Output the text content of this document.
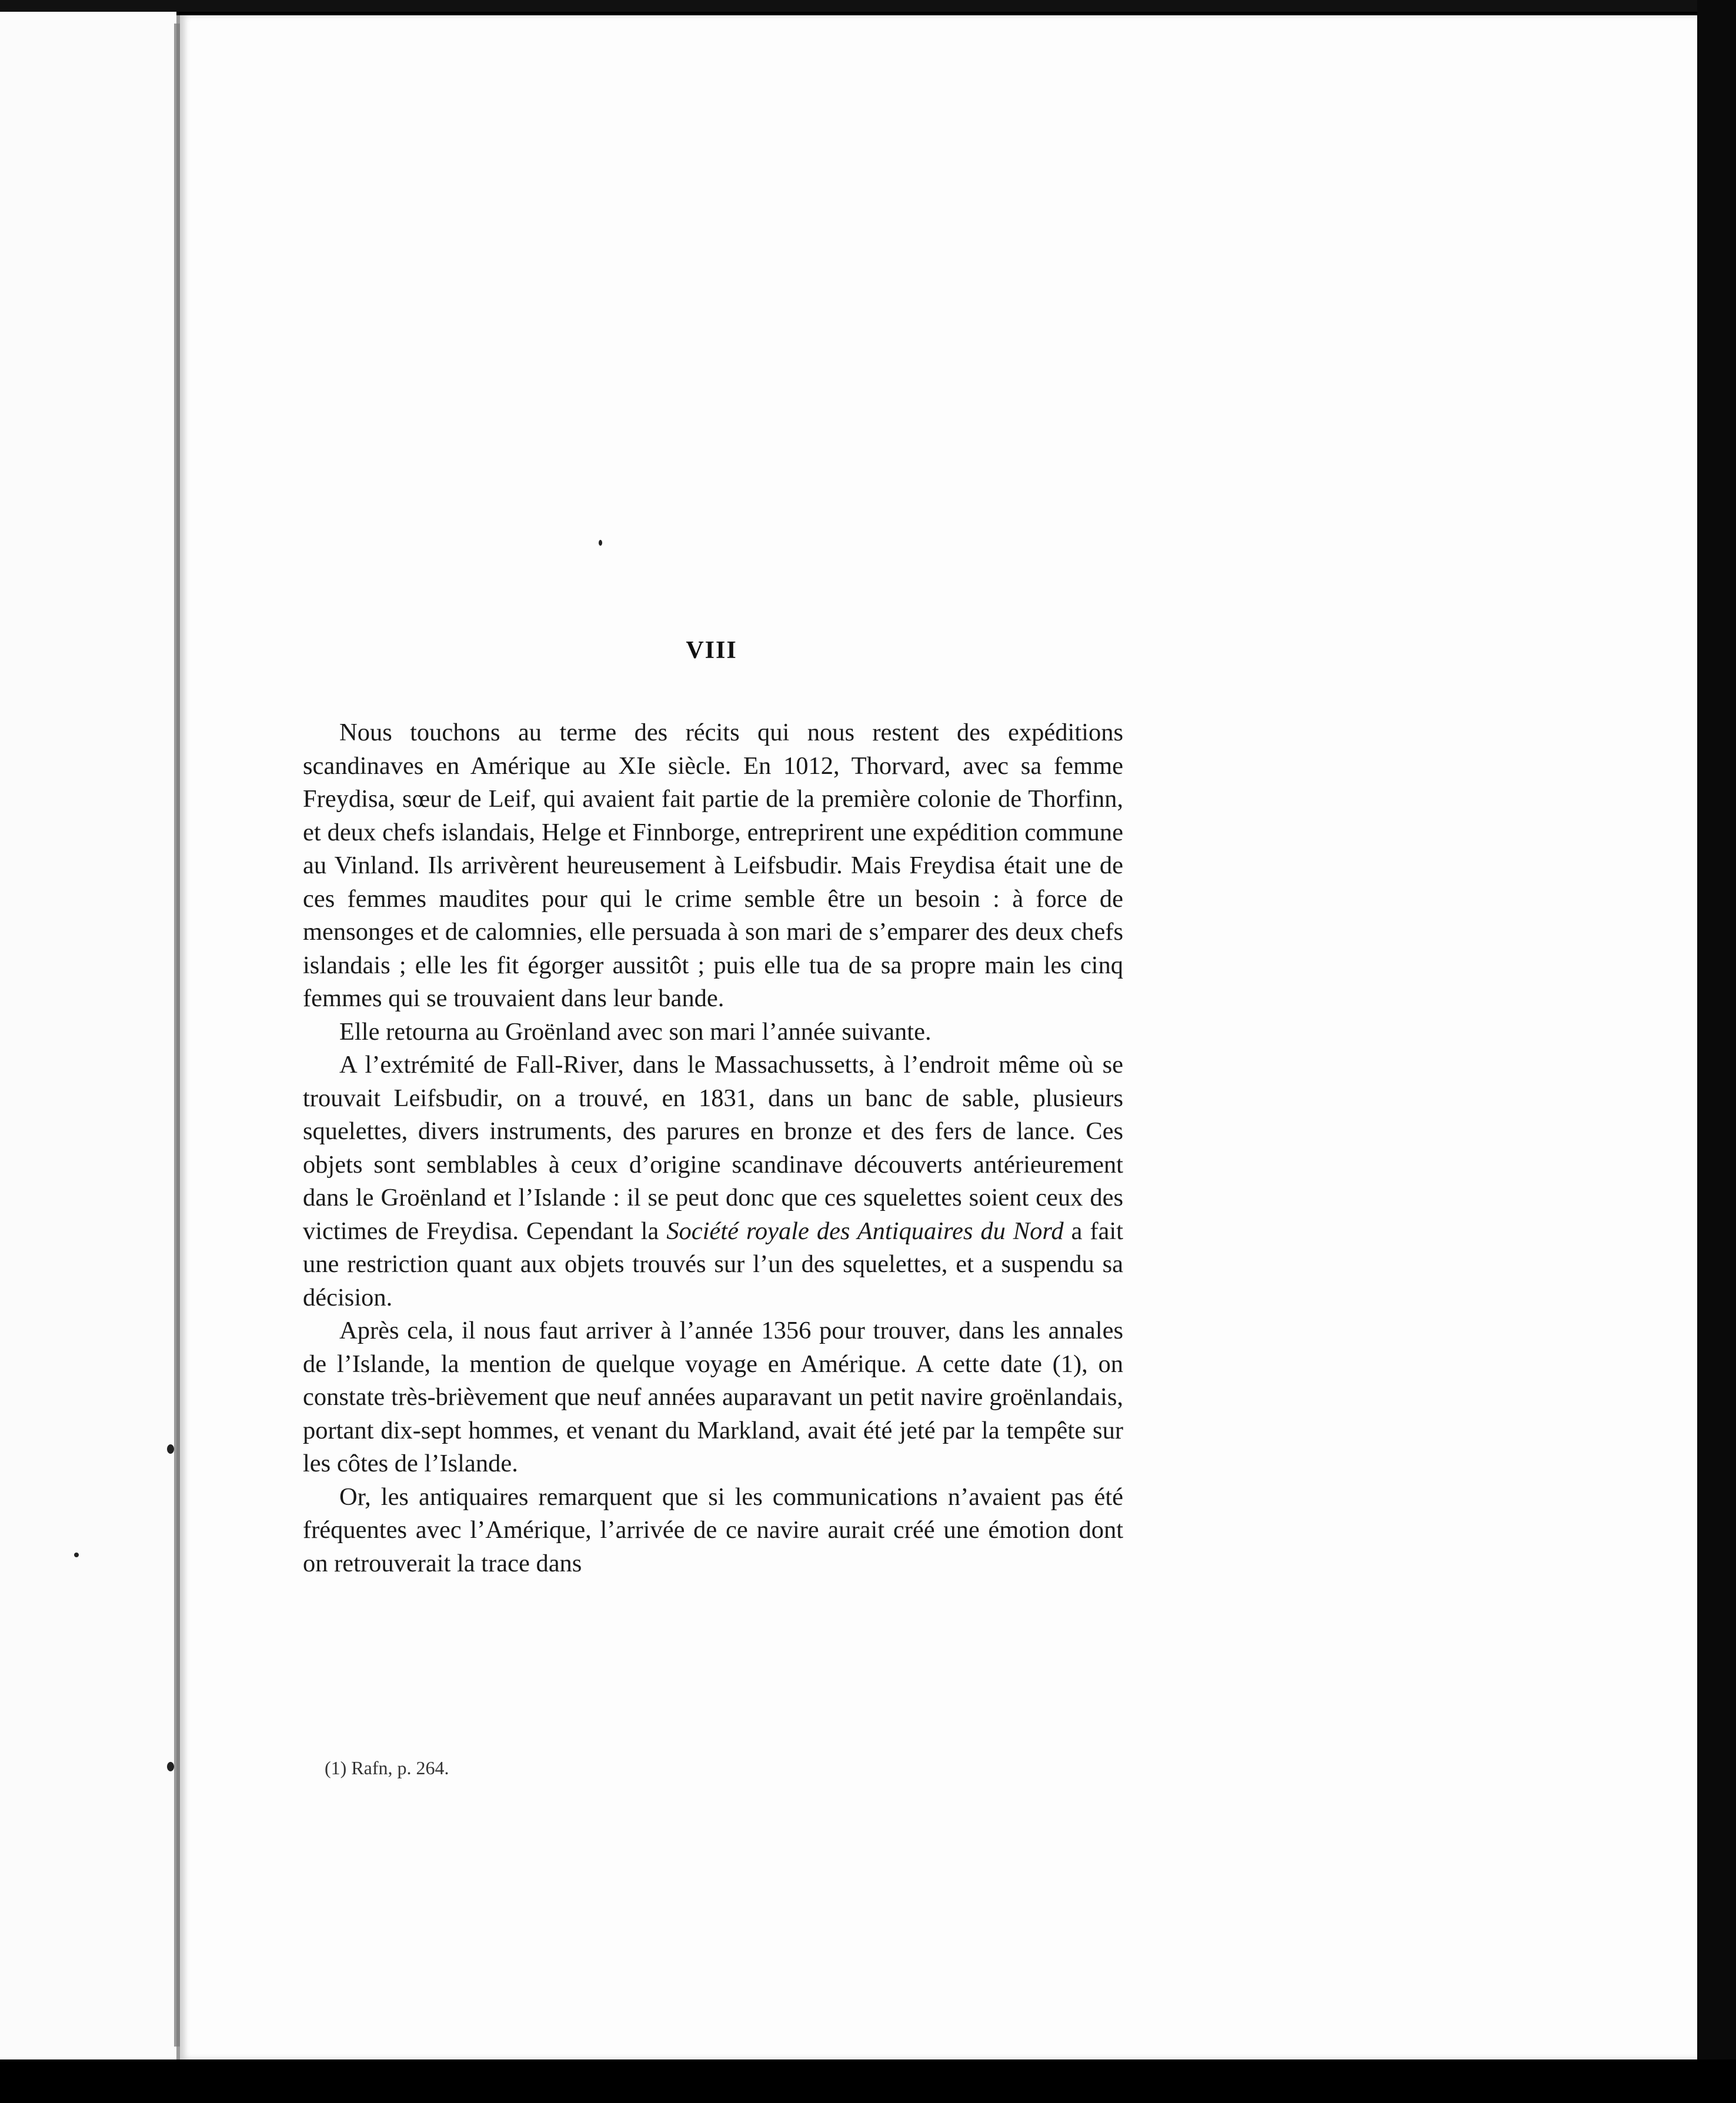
VIII

Nous touchons au terme des récits qui nous restent des expéditions scandinaves en Amérique au XIe siècle. En 1012, Thorvard, avec sa femme Freydisa, sœur de Leif, qui avaient fait partie de la première colonie de Thorfinn, et deux chefs islandais, Helge et Finnborge, entreprirent une expédition commune au Vinland. Ils arrivèrent heureusement à Leifsbudir. Mais Freydisa était une de ces femmes maudites pour qui le crime semble être un besoin : à force de mensonges et de calomnies, elle persuada à son mari de s’emparer des deux chefs islandais ; elle les fit égorger aussitôt ; puis elle tua de sa propre main les cinq femmes qui se trouvaient dans leur bande.

Elle retourna au Groënland avec son mari l’année suivante.

A l’extrémité de Fall-River, dans le Massachussetts, à l’endroit même où se trouvait Leifsbudir, on a trouvé, en 1831, dans un banc de sable, plusieurs squelettes, divers instruments, des parures en bronze et des fers de lance. Ces objets sont semblables à ceux d’origine scandinave découverts antérieurement dans le Groënland et l’Islande : il se peut donc que ces squelettes soient ceux des victimes de Freydisa. Cependant la Société royale des Antiquaires du Nord a fait une restriction quant aux objets trouvés sur l’un des squelettes, et a suspendu sa décision.

Après cela, il nous faut arriver à l’année 1356 pour trouver, dans les annales de l’Islande, la mention de quelque voyage en Amérique. A cette date (1), on constate très-brièvement que neuf années auparavant un petit navire groënlandais, portant dix-sept hommes, et venant du Markland, avait été jeté par la tempête sur les côtes de l’Islande.

Or, les antiquaires remarquent que si les communications n’avaient pas été fréquentes avec l’Amérique, l’arrivée de ce navire aurait créé une émotion dont on retrouverait la trace dans

(1) Rafn, p. 264.
